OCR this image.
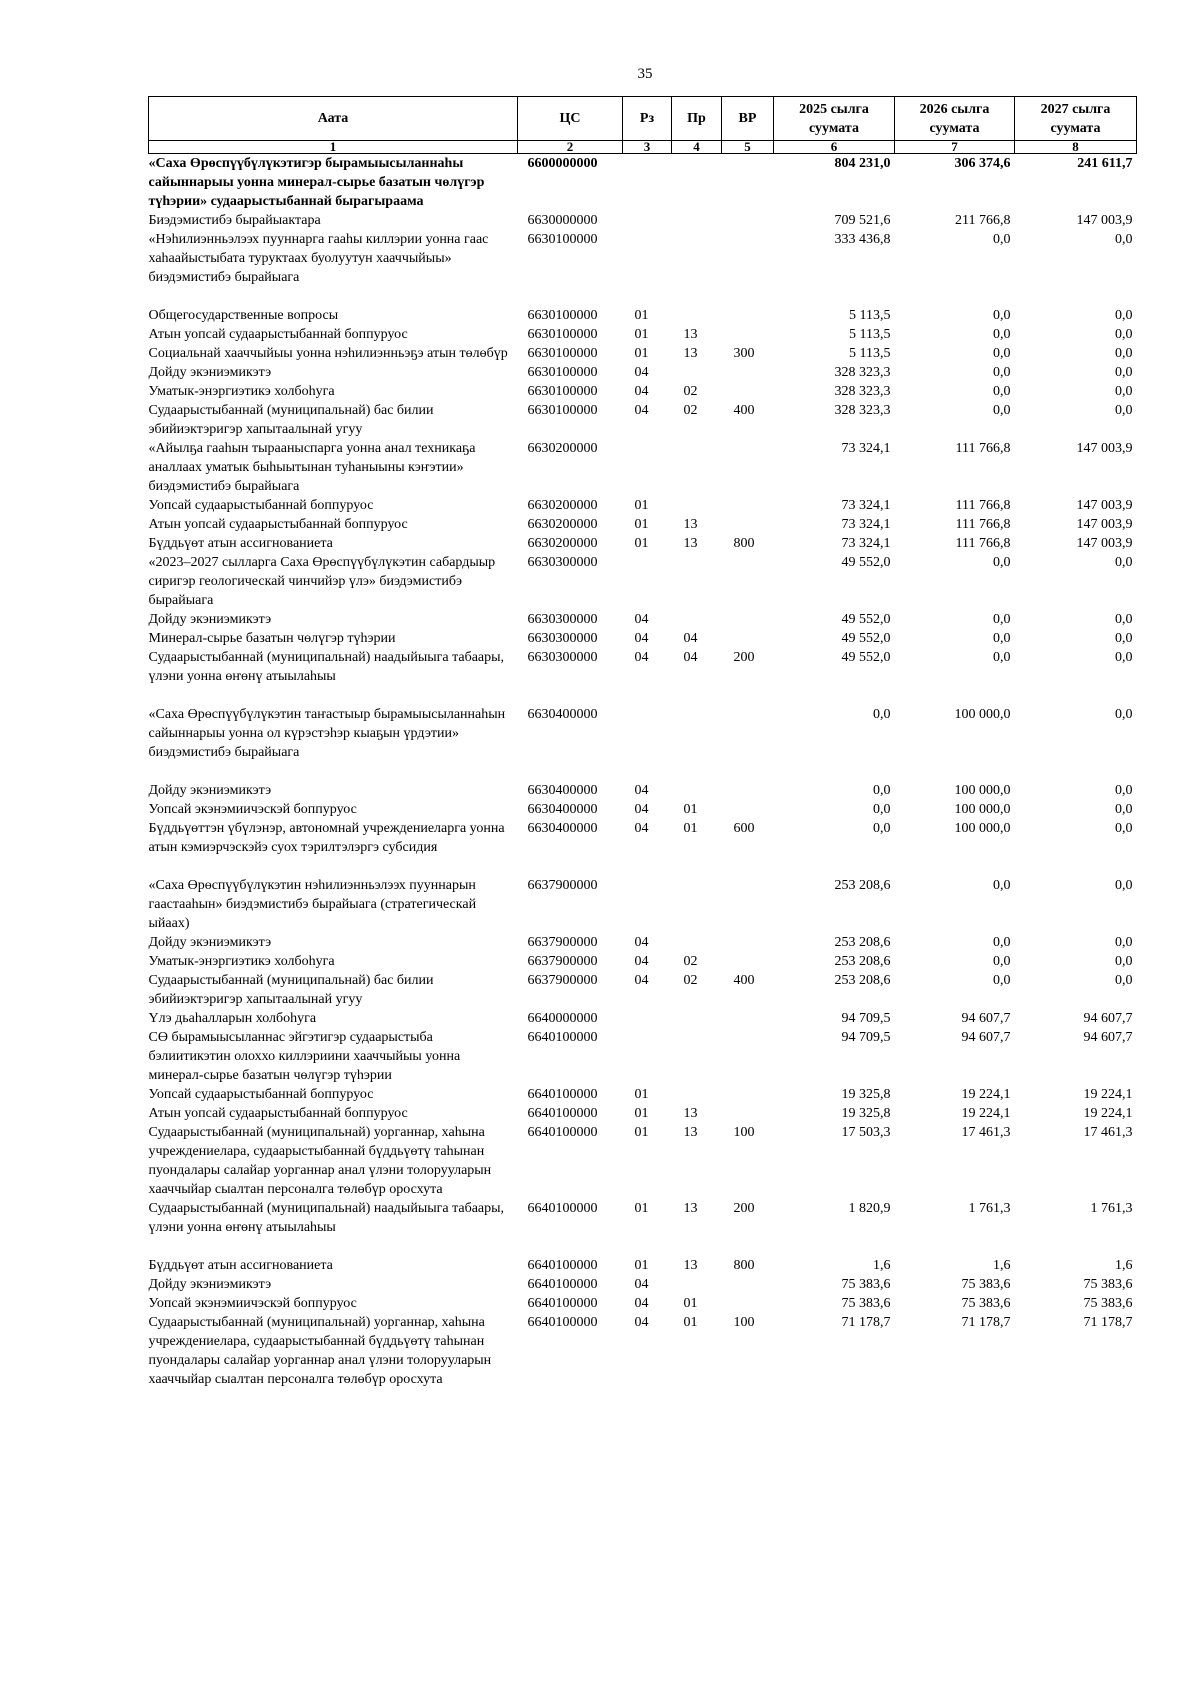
35
Аата	ЦС	Рз	Пр	ВР	2025 сылга суумата	2026 сылга суумата	2027 сылга суумата
1	2	3	4	5	6	7	8
«Саха Өрөспүүбүлүкэтигэр бырамыысыланнаһы сайыннарыы уонна минерал-сырье базатын чөлүгэр түһэрии» судаарыстыбаннай бырагыраама	6600000000				804 231,0	306 374,6	241 611,7
Биэдэмистибэ бырайыактара	6630000000				709 521,6	211 766,8	147 003,9
«Нэһилиэнньэлээх пууннарга гааһы киллэрии уонна гаас хаһаайыстыбата туруктаах буолуутун хааччыйыы» биэдэмистибэ бырайыага	6630100000				333 436,8	0,0	0,0
Общегосударственные вопросы	6630100000	01			5 113,5	0,0	0,0
Атын уопсай судаарыстыбаннай боппуруос	6630100000	01	13		5 113,5	0,0	0,0
Социальнай хааччыйыы уонна нэһилиэнньэҕэ атын төлөбүр	6630100000	01	13	300	5 113,5	0,0	0,0
Дойду экэниэмикэтэ	6630100000	04			328 323,3	0,0	0,0
Уматык-энэргиэтикэ холбоһуга	6630100000	04	02		328 323,3	0,0	0,0
Судаарыстыбаннай (муниципальнай) бас билии эбийиэктэригэр хапытаалынай угуу	6630100000	04	02	400	328 323,3	0,0	0,0
«Айылҕа гааһын тырааныспарга уонна анал техникаҕа аналлаах уматык быһыытынан туһаныыны кэҥэтии» биэдэмистибэ бырайыага	6630200000				73 324,1	111 766,8	147 003,9
Уопсай судаарыстыбаннай боппуруос	6630200000	01			73 324,1	111 766,8	147 003,9
Атын уопсай судаарыстыбаннай боппуруос	6630200000	01	13		73 324,1	111 766,8	147 003,9
Бүддьүөт атын ассигнованиета	6630200000	01	13	800	73 324,1	111 766,8	147 003,9
«2023–2027 сылларга Саха Өрөспүүбүлүкэтин сабардыыр сиригэр геологическай чинчийэр үлэ» биэдэмистибэ бырайыага	6630300000				49 552,0	0,0	0,0
Дойду экэниэмикэтэ	6630300000	04			49 552,0	0,0	0,0
Минерал-сырье базатын чөлүгэр түһэрии	6630300000	04	04		49 552,0	0,0	0,0
Судаарыстыбаннай (муниципальнай) наадыйыыга табаары, үлэни уонна өҥөнү атыылаһыы	6630300000	04	04	200	49 552,0	0,0	0,0
«Саха Өрөспүүбүлүкэтин таҥастыыр бырамыысыланнаһын сайыннарыы уонна ол күрэстэһэр кыаҕын үрдэтии» биэдэмистибэ бырайыага	6630400000				0,0	100 000,0	0,0
Дойду экэниэмикэтэ	6630400000	04			0,0	100 000,0	0,0
Уопсай экэнэмиичэскэй боппуруос	6630400000	04	01		0,0	100 000,0	0,0
Бүддьүөттэн үбүлэнэр, автономнай учреждениеларга уонна атын кэмиэрчэскэйэ суох тэрилтэлэргэ субсидия	6630400000	04	01	600	0,0	100 000,0	0,0
«Саха Өрөспүүбүлүкэтин нэһилиэнньэлээх пууннарын гаастааһын» биэдэмистибэ бырайыага (стратегическай ыйаах)	6637900000				253 208,6	0,0	0,0
Дойду экэниэмикэтэ	6637900000	04			253 208,6	0,0	0,0
Уматык-энэргиэтикэ холбоһуга	6637900000	04	02		253 208,6	0,0	0,0
Судаарыстыбаннай (муниципальнай) бас билии эбийиэктэригэр хапытаалынай угуу	6637900000	04	02	400	253 208,6	0,0	0,0
Үлэ дьаһалларын холбоһуга	6640000000				94 709,5	94 607,7	94 607,7
СӨ бырамыысыланнас эйгэтигэр судаарыстыба бэлиитикэтин олоххо киллэриини хааччыйыы уонна минерал-сырье базатын чөлүгэр түһэрии	6640100000				94 709,5	94 607,7	94 607,7
Уопсай судаарыстыбаннай боппуруос	6640100000	01			19 325,8	19 224,1	19 224,1
Атын уопсай судаарыстыбаннай боппуруос	6640100000	01	13		19 325,8	19 224,1	19 224,1
Судаарыстыбаннай (муниципальнай) уорганнар, хаһына учреждениелара, судаарыстыбаннай бүддьүөтү таһынан пуондалары салайар уорганнар анал үлэни толорууларын хааччыйар сыалтан персоналга төлөбүр оросхута	6640100000	01	13	100	17 503,3	17 461,3	17 461,3
Судаарыстыбаннай (муниципальнай) наадыйыыга табаары, үлэни уонна өҥөнү атыылаһыы	6640100000	01	13	200	1 820,9	1 761,3	1 761,3
Бүддьүөт атын ассигнованиета	6640100000	01	13	800	1,6	1,6	1,6
Дойду экэниэмикэтэ	6640100000	04			75 383,6	75 383,6	75 383,6
Уопсай экэнэмиичэскэй боппуруос	6640100000	04	01		75 383,6	75 383,6	75 383,6
Судаарыстыбаннай (муниципальнай) уорганнар, хаһына учреждениелара, судаарыстыбаннай бүддьүөтү таһынан пуондалары салайар уорганнар анал үлэни толорууларын хааччыйар сыалтан персоналга төлөбүр оросхута	6640100000	04	01	100	71 178,7	71 178,7	71 178,7
